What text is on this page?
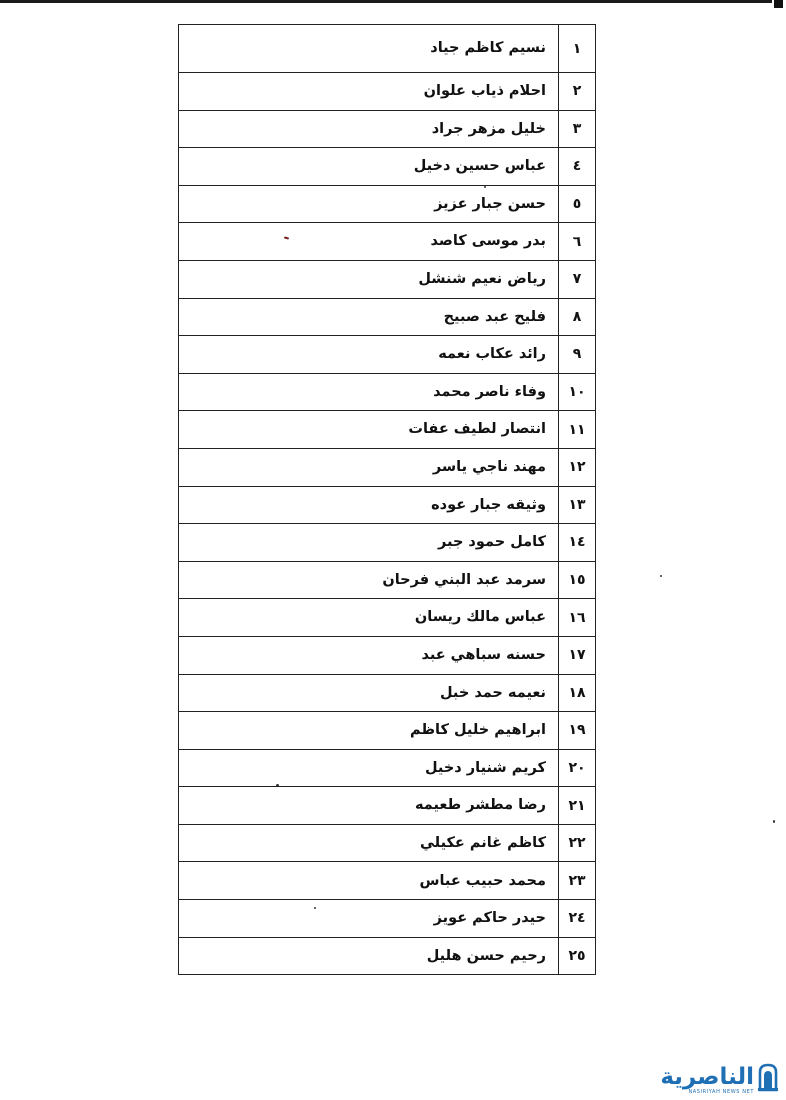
١	نسيم كاظم جياد
٢	احلام ذياب علوان
٣	خليل مزهر جراد
٤	عباس حسين دخيل
٥	حسن جبار عزيز
٦	بدر موسى كاصد
٧	رياض نعيم شنشل
٨	فليح عبد صبيح
٩	رائد عكاب نعمه
١٠	وفاء ناصر محمد
١١	انتصار لطيف عفات
١٢	مهند ناجي ياسر
١٣	وثيقه جبار عوده
١٤	كامل حمود جبر
١٥	سرمد عبد البني فرحان
١٦	عباس مالك ريسان
١٧	حسنه سباهي عبد
١٨	نعيمه حمد خبل
١٩	ابراهيم خليل كاظم
٢٠	كريم شنيار دخيل
٢١	رضا مطشر طعيمه
٢٢	كاظم غانم عكيلي
٢٣	محمد حبيب عباس
٢٤	حيدر حاكم عويز
٢٥	رحيم حسن هليل
الناصرية
NASIRIYAH NEWS NET
